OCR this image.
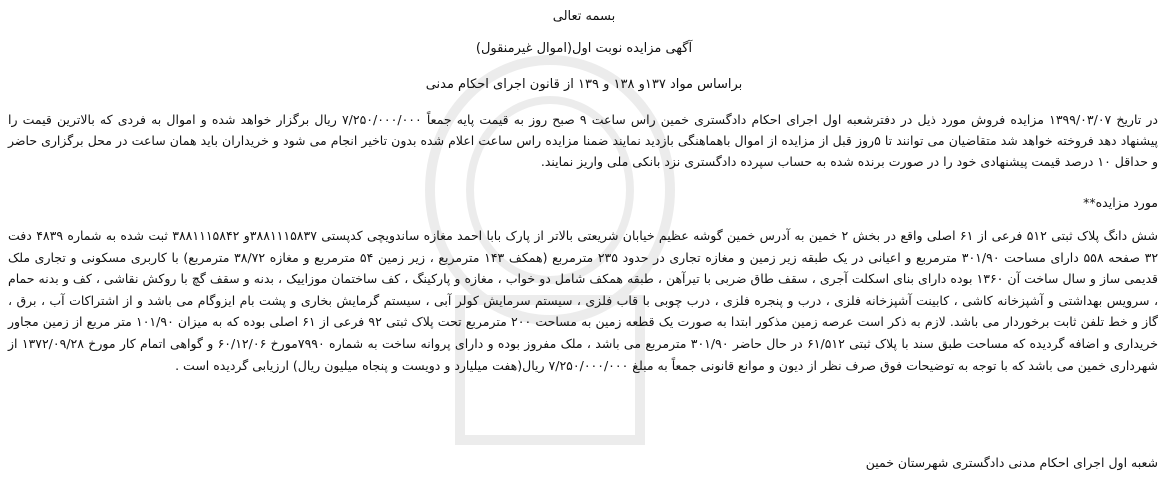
بسمه تعالی
آگهی مزایده نوبت اول(اموال غیرمنقول)
براساس مواد ۱۳۷و ۱۳۸ و ۱۳۹ از قانون اجرای احکام مدنی
در تاریخ ۱۳۹۹/۰۳/۰۷ مزایده فروش مورد ذیل در دفترشعبه اول اجرای احکام دادگستری خمین راس ساعت ۹ صبح روز به قیمت پایه جمعاً ۷/۲۵۰/۰۰۰/۰۰۰ ریال برگزار خواهد شده و اموال به فردی که بالاترین قیمت را پیشنهاد دهد فروخته خواهد شد متقاضیان می توانند تا ۵روز قبل از مزایده از اموال باهماهنگی بازدید نمایند ضمنا مزایده راس ساعت اعلام شده بدون تاخیر انجام می شود و خریداران باید همان ساعت در محل برگزاری حاضر و حداقل ۱۰ درصد قیمت پیشنهادی خود را در صورت برنده شده به حساب سپرده دادگستری نزد بانکی ملی واریز نمایند.
مورد مزایده**
شش دانگ پلاک ثبتی ۵۱۲ فرعی از ۶۱ اصلی واقع در بخش ۲ خمین به آدرس خمین گوشه عظیم خیابان شریعتی بالاتر از پارک بابا احمد مغازه ساندویچی کدپستی ۳۸۸۱۱۱۵۸۳۷و ۳۸۸۱۱۱۵۸۴۲ ثبت شده به شماره ۴۸۳۹ دفت ۳۲ صفحه ۵۵۸ دارای مساحت ۳۰۱/۹۰ مترمربع و اعیانی در یک طبقه زیر زمین و مغازه تجاری در حدود ۲۳۵ مترمربع (همکف ۱۴۳ مترمربع ، زیر زمین ۵۴ مترمربع و مغازه ۳۸/۷۲ مترمربع) با کاربری مسکونی و تجاری ملک قدیمی ساز و سال ساخت آن ۱۳۶۰ بوده دارای بنای اسکلت آجری ، سقف طاق ضربی با تیرآهن ، طبقه همکف شامل دو خواب ، مغازه و پارکینگ ، کف ساختمان موزاییک ، بدنه و سقف گچ با روکش نقاشی ، کف و بدنه حمام ، سرویس بهداشتی و آشپزخانه کاشی ، کابینت آشپزخانه فلزی ، درب و پنجره فلزی ، درب چوبی با قاب فلزی ، سیستم سرمایش کولر آبی ، سیستم گرمایش بخاری و پشت بام ایزوگام می باشد و از اشتراکات آب ، برق ، گاز و خط تلفن ثابت برخوردار می باشد. لازم به ذکر است عرصه زمین مذکور ابتدا به صورت یک قطعه زمین به مساحت ۲۰۰ مترمربع تحت پلاک ثبتی ۹۲ فرعی از ۶۱ اصلی بوده که به میزان ۱۰۱/۹۰ متر مربع از زمین مجاور خریداری و اضافه گردیده که مساحت طبق سند با پلاک ثبتی ۶۱/۵۱۲ در حال حاضر ۳۰۱/۹۰ مترمربع می باشد ، ملک مفروز بوده و دارای پروانه ساخت به شماره ۷۹۹۰مورخ ۶۰/۱۲/۰۶ و گواهی اتمام کار مورخ ۱۳۷۲/۰۹/۲۸ از شهرداری خمین می باشد که با توجه به توضیحات فوق صرف نظر از دیون و موانع قانونی جمعاً به مبلغ ۷/۲۵۰/۰۰۰/۰۰۰ ریال(هفت میلیارد و دویست و پنجاه میلیون ریال) ارزیابی گردیده است .
شعبه اول اجرای احکام مدنی دادگستری شهرستان خمین
